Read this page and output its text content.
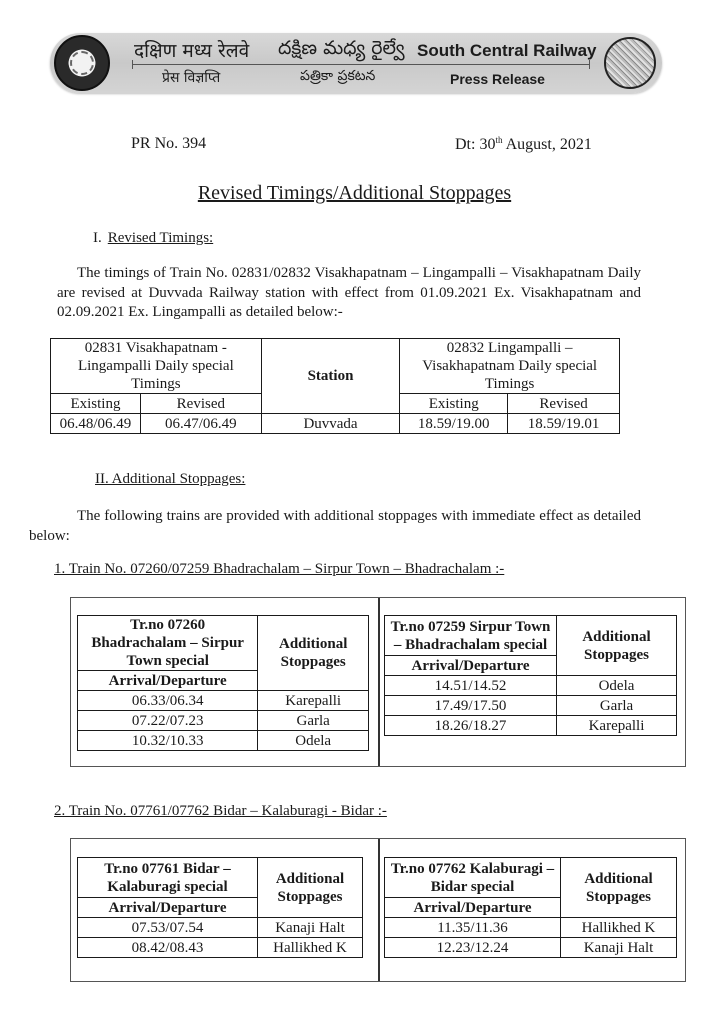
दक्षिण मध्य रेलवे దక్షిణ మధ్య రైల్వే South Central Railway
प्रेस विज्ञप्ति	పత్రికా ప్రకటన	Press Release
PR No. 394	Dt: 30th August, 2021
Revised Timings/Additional Stoppages
I. Revised Timings:
The timings of Train No. 02831/02832 Visakhapatnam – Lingampalli – Visakhapatnam Daily are revised at Duvvada Railway station with effect from 01.09.2021 Ex. Visakhapatnam and 02.09.2021 Ex. Lingampalli as detailed below:-
02831 Visakhapatnam - Lingampalli Daily special Timings		Station	02832 Lingampalli – Visakhapatnam Daily special Timings	
Existing	Revised		Existing	Revised
06.48/06.49	06.47/06.49	Duvvada	18.59/19.00	18.59/19.01
II. Additional Stoppages:
The following trains are provided with additional stoppages with immediate effect as detailed below:
1. Train No. 07260/07259 Bhadrachalam – Sirpur Town – Bhadrachalam :-
Tr.no 07260 Bhadrachalam – Sirpur Town special	Additional Stoppages
Arrival/Departure	
06.33/06.34	Karepalli
07.22/07.23	Garla
10.32/10.33	Odela
Tr.no 07259 Sirpur Town – Bhadrachalam special	Additional Stoppages
Arrival/Departure	
14.51/14.52	Odela
17.49/17.50	Garla
18.26/18.27	Karepalli
2. Train No. 07761/07762 Bidar – Kalaburagi - Bidar :-
Tr.no 07761 Bidar – Kalaburagi special	Additional Stoppages
Arrival/Departure	
07.53/07.54	Kanaji Halt
08.42/08.43	Hallikhed K
Tr.no 07762 Kalaburagi – Bidar special	Additional Stoppages
Arrival/Departure	
11.35/11.36	Hallikhed K
12.23/12.24	Kanaji Halt
